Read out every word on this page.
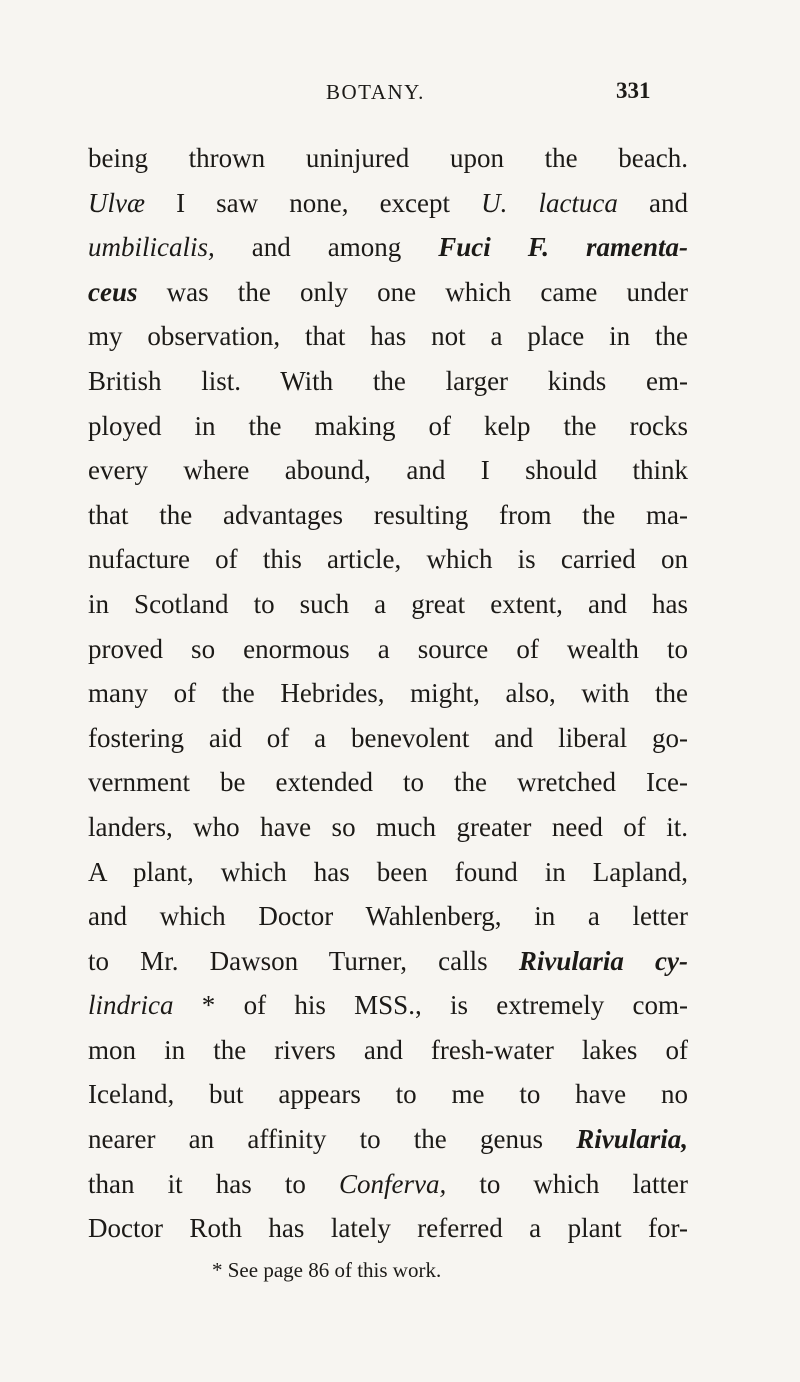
BOTANY.	331
being thrown uninjured upon the beach.
Ulvæ I saw none, except U. lactuca and
umbilicalis, and among Fuci F. ramenta-
ceus was the only one which came under
my observation, that has not a place in the
British list. With the larger kinds em-
ployed in the making of kelp the rocks
every where abound, and I should think
that the advantages resulting from the ma-
nufacture of this article, which is carried on
in Scotland to such a great extent, and has
proved so enormous a source of wealth to
many of the Hebrides, might, also, with the
fostering aid of a benevolent and liberal go-
vernment be extended to the wretched Ice-
landers, who have so much greater need of it.
A plant, which has been found in Lapland,
and which Doctor Wahlenberg, in a letter
to Mr. Dawson Turner, calls Rivularia cy-
lindrica * of his MSS., is extremely com-
mon in the rivers and fresh-water lakes of
Iceland, but appears to me to have no
nearer an affinity to the genus Rivularia,
than it has to Conferva, to which latter
Doctor Roth has lately referred a plant for-
* See page 86 of this work.
